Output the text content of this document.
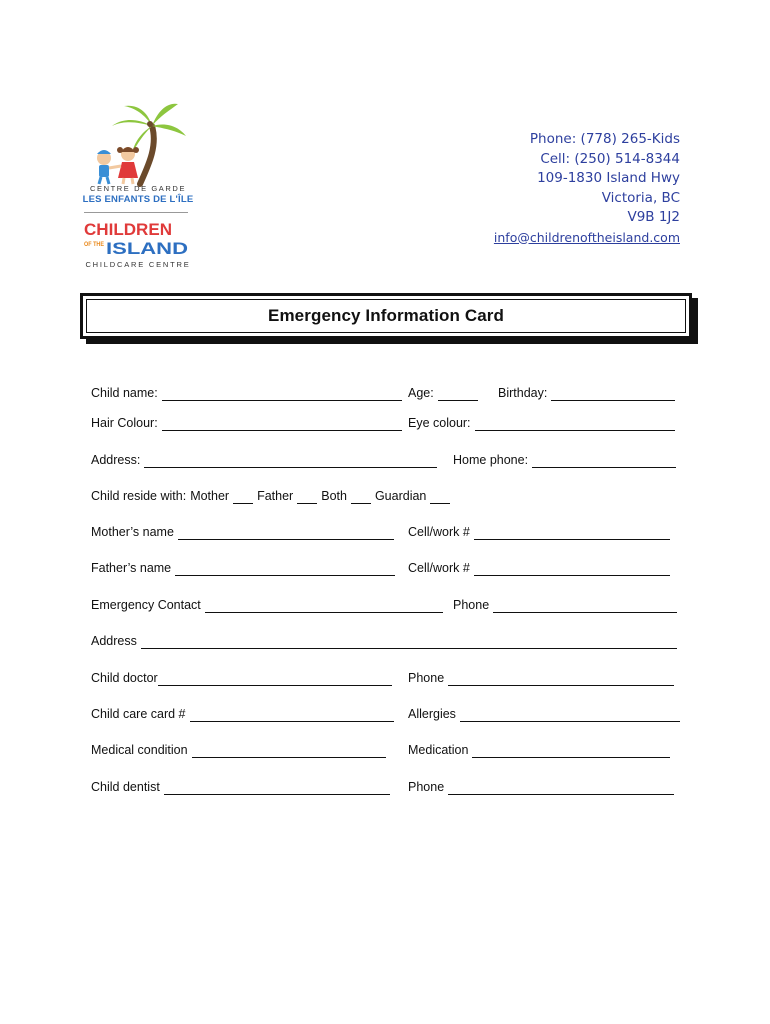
CENTRE DE GARDE
LES ENFANTS DE L'ÎLE
CHILDREN
OF THE ISLAND
CHILDCARE CENTRE
Phone: (778) 265-Kids
Cell: (250) 514-8344
109-1830 Island Hwy
Victoria, BC
V9B 1J2
info@childrenoftheisland.com
Emergency Information Card
Child name:	Age:	Birthday:
Hair Colour:	Eye colour:
Address:	Home phone:
Child reside with: Mother Father Both Guardian
Mother’s name	Cell/work #
Father’s name	Cell/work #
Emergency Contact	Phone
Address
Child doctor	Phone
Child care card #	Allergies
Medical condition	Medication
Child dentist	Phone
